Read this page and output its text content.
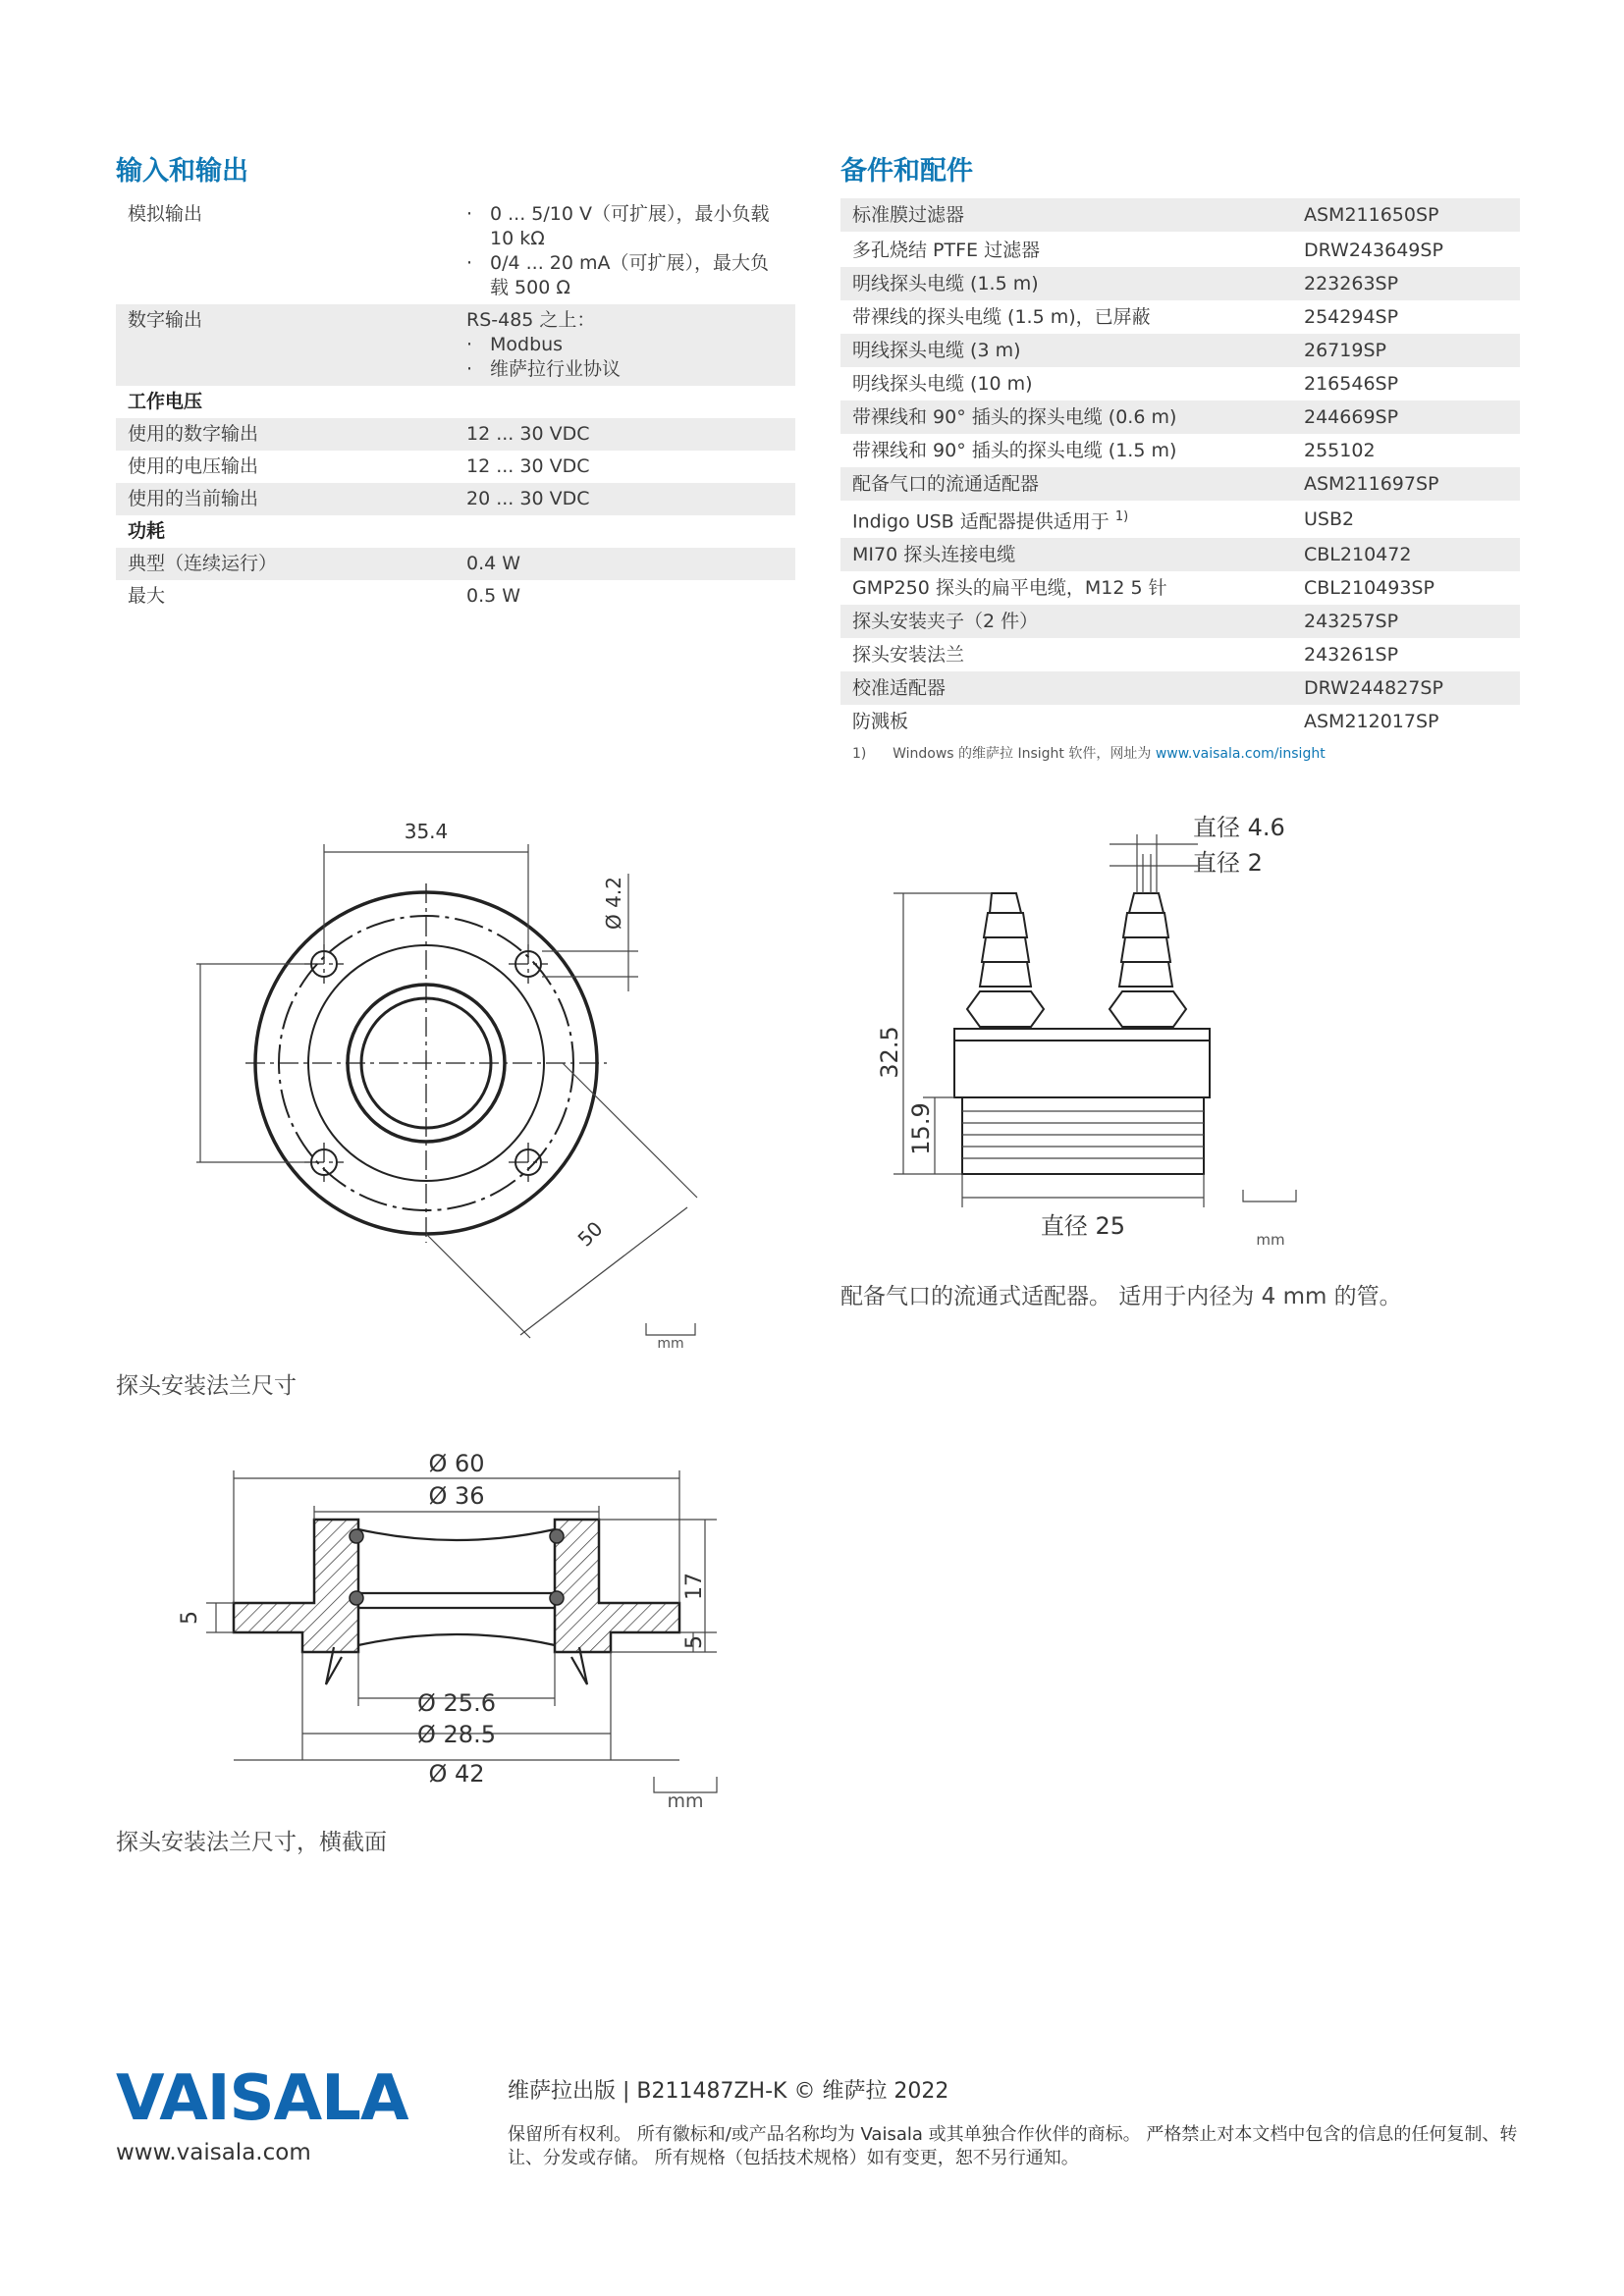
输入和输出
模拟输出	· 0 ... 5/10 V（可扩展），最小负载 10 kΩ
· 0/4 ... 20 mA（可扩展），最大负载 500 Ω

数字输出	RS-485 之上：
· Modbus
· 维萨拉行业协议

工作电压	
使用的数字输出	12 ... 30 VDC
使用的电压输出	12 ... 30 VDC
使用的当前输出	20 ... 30 VDC
功耗	
典型（连续运行）	0.4 W
最大	0.5 W
备件和配件
标准膜过滤器	ASM211650SP
多孔烧结 PTFE 过滤器	DRW243649SP
明线探头电缆 (1.5 m)	223263SP
带裸线的探头电缆 (1.5 m)，已屏蔽	254294SP
明线探头电缆 (3 m)	26719SP
明线探头电缆 (10 m)	216546SP
带裸线和 90° 插头的探头电缆 (0.6 m)	244669SP
带裸线和 90° 插头的探头电缆 (1.5 m)	255102
配备气口的流通适配器	ASM211697SP
Indigo USB 适配器提供适用于 $^{1)}$	USB2
MI70 探头连接电缆	CBL210472
GMP250 探头的扁平电缆，M12 5 针	CBL210493SP
探头安装夹子（2 件）	243257SP
探头安装法兰	243261SP
校准适配器	DRW244827SP
防溅板	ASM212017SP
1) Windows 的维萨拉 Insight 软件，网址为 www.vaisala.com/insight
35.4
Ø 4.2
50
mm
探头安装法兰尺寸
直径 4.6
直径 2
32.5
15.9
直径 25	mm
配备气口的流通式适配器。 适用于内径为 4 mm 的管。
Ø 60
Ø 36
Ø 25.6
Ø 28.5
Ø 42
5
17
5
mm
探头安装法兰尺寸，横截面
VAISALA
www.vaisala.com
维萨拉出版 | B211487ZH-K © 维萨拉 2022
保留所有权利。 所有徽标和/或产品名称均为 Vaisala 或其单独合作伙伴的商标。 严格禁止对本文档中包含的信息的任何复制、转让、分发或存储。 所有规格（包括技术规格）如有变更，恕不另行通知。
